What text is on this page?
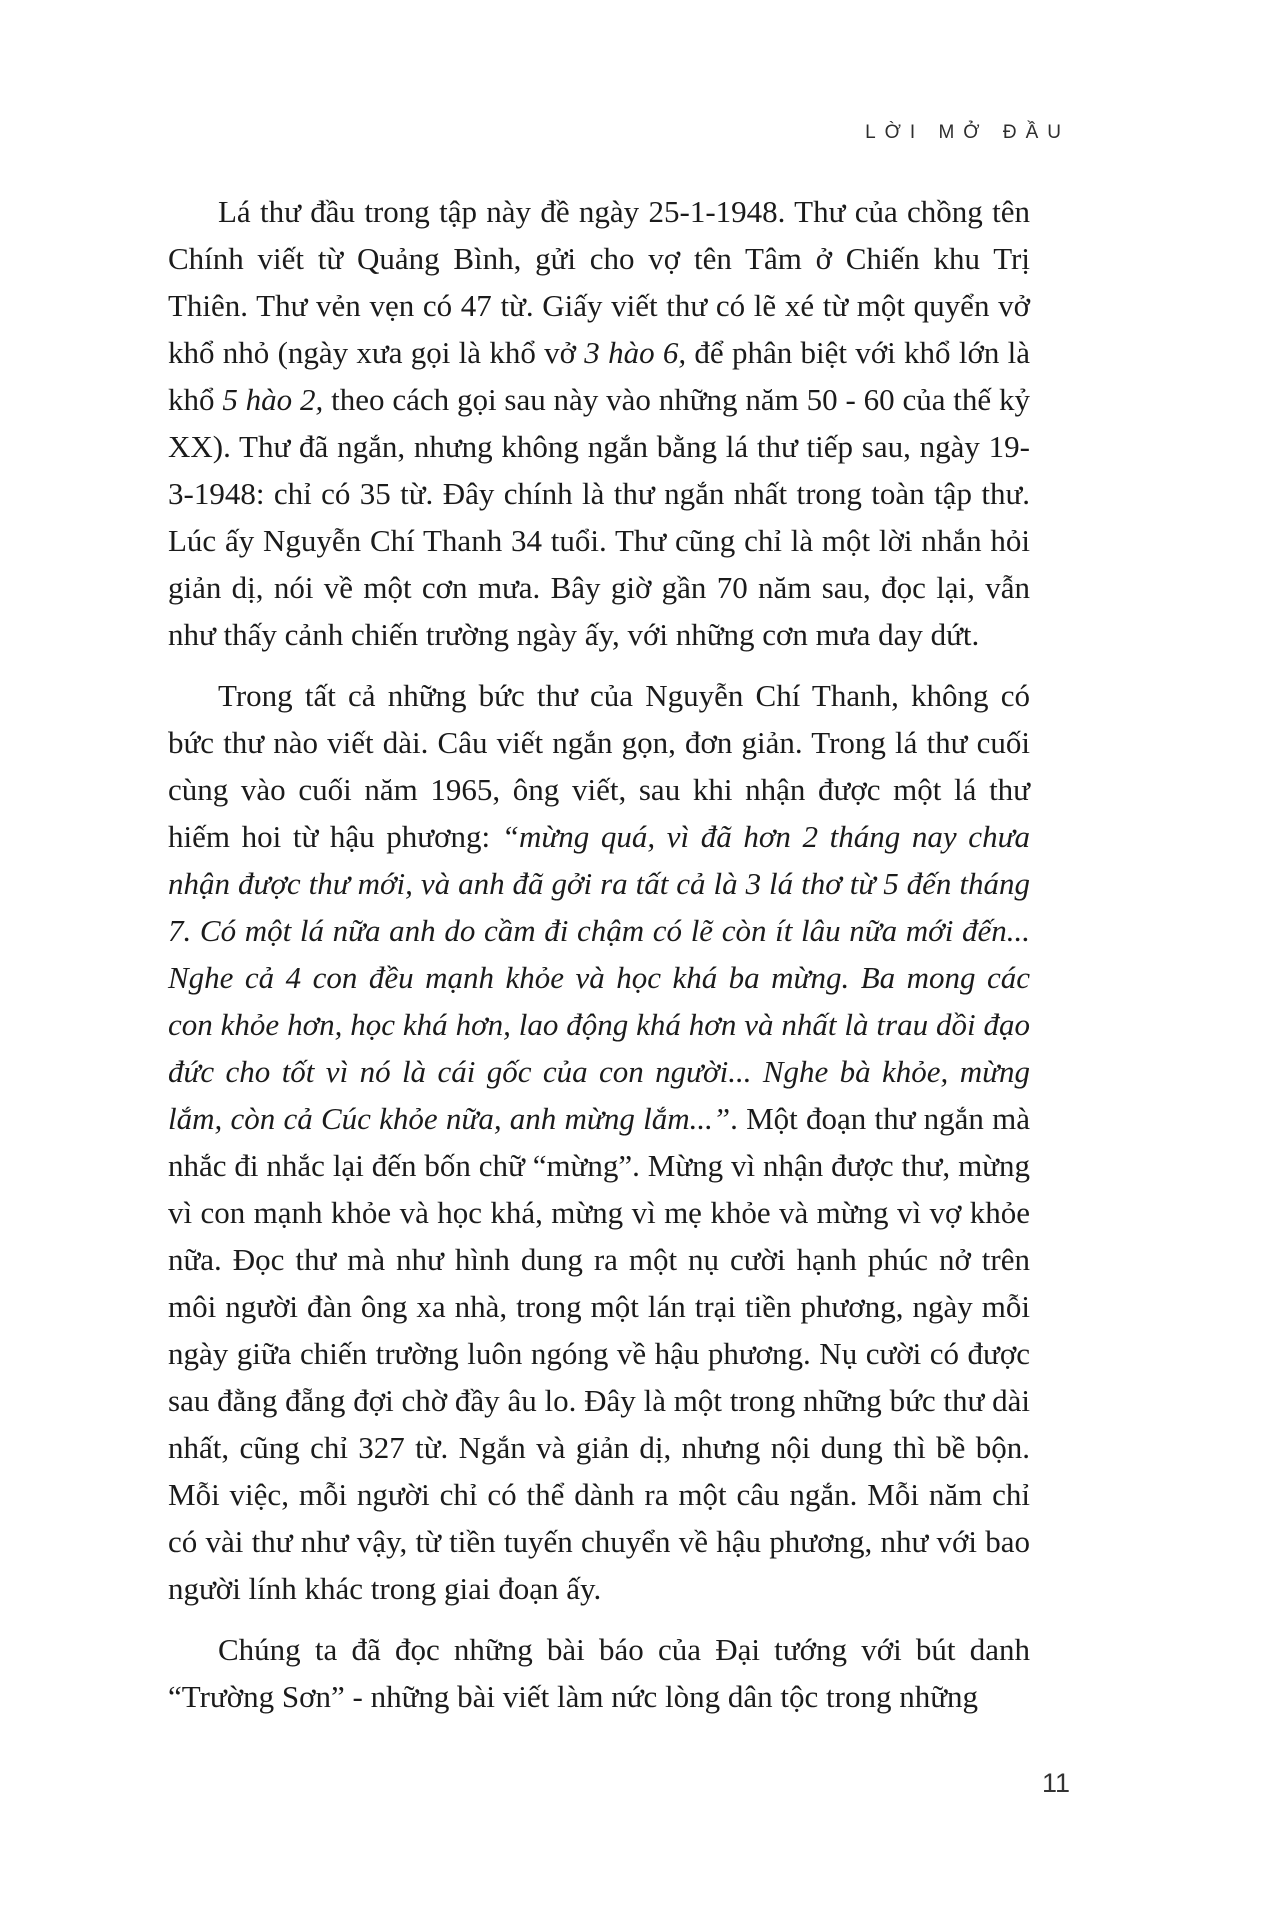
LỜI MỞ ĐẦU

Lá thư đầu trong tập này đề ngày 25-1-1948. Thư của chồng tên Chính viết từ Quảng Bình, gửi cho vợ tên Tâm ở Chiến khu Trị Thiên. Thư vẻn vẹn có 47 từ. Giấy viết thư có lẽ xé từ một quyển vở khổ nhỏ (ngày xưa gọi là khổ vở 3 hào 6, để phân biệt với khổ lớn là khổ 5 hào 2, theo cách gọi sau này vào những năm 50 - 60 của thế kỷ XX). Thư đã ngắn, nhưng không ngắn bằng lá thư tiếp sau, ngày 19-3-1948: chỉ có 35 từ. Đây chính là thư ngắn nhất trong toàn tập thư. Lúc ấy Nguyễn Chí Thanh 34 tuổi. Thư cũng chỉ là một lời nhắn hỏi giản dị, nói về một cơn mưa. Bây giờ gần 70 năm sau, đọc lại, vẫn như thấy cảnh chiến trường ngày ấy, với những cơn mưa day dứt.

Trong tất cả những bức thư của Nguyễn Chí Thanh, không có bức thư nào viết dài. Câu viết ngắn gọn, đơn giản. Trong lá thư cuối cùng vào cuối năm 1965, ông viết, sau khi nhận được một lá thư hiếm hoi từ hậu phương: “mừng quá, vì đã hơn 2 tháng nay chưa nhận được thư mới, và anh đã gởi ra tất cả là 3 lá thơ từ 5 đến tháng 7. Có một lá nữa anh do cầm đi chậm có lẽ còn ít lâu nữa mới đến... Nghe cả 4 con đều mạnh khỏe và học khá ba mừng. Ba mong các con khỏe hơn, học khá hơn, lao động khá hơn và nhất là trau dồi đạo đức cho tốt vì nó là cái gốc của con người... Nghe bà khỏe, mừng lắm, còn cả Cúc khỏe nữa, anh mừng lắm...”. Một đoạn thư ngắn mà nhắc đi nhắc lại đến bốn chữ “mừng”. Mừng vì nhận được thư, mừng vì con mạnh khỏe và học khá, mừng vì mẹ khỏe và mừng vì vợ khỏe nữa. Đọc thư mà như hình dung ra một nụ cười hạnh phúc nở trên môi người đàn ông xa nhà, trong một lán trại tiền phương, ngày mỗi ngày giữa chiến trường luôn ngóng về hậu phương. Nụ cười có được sau đằng đẵng đợi chờ đầy âu lo. Đây là một trong những bức thư dài nhất, cũng chỉ 327 từ. Ngắn và giản dị, nhưng nội dung thì bề bộn. Mỗi việc, mỗi người chỉ có thể dành ra một câu ngắn. Mỗi năm chỉ có vài thư như vậy, từ tiền tuyến chuyển về hậu phương, như với bao người lính khác trong giai đoạn ấy.

Chúng ta đã đọc những bài báo của Đại tướng với bút danh “Trường Sơn” - những bài viết làm nức lòng dân tộc trong những

11
